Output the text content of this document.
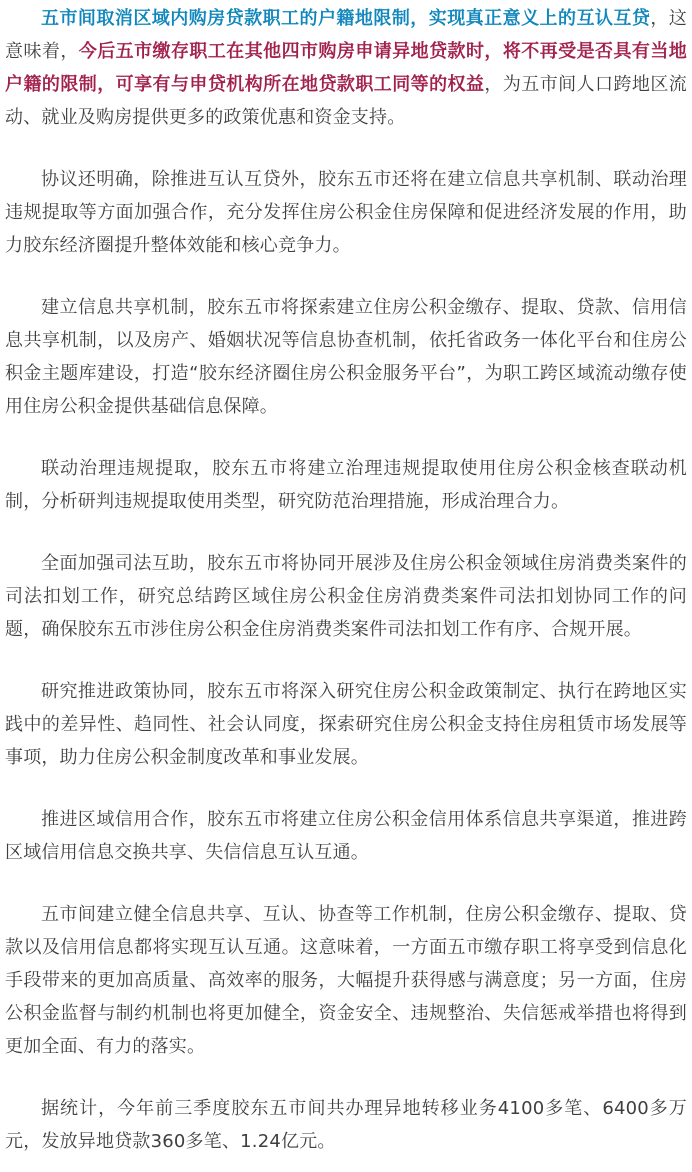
五市间取消区域内购房贷款职工的户籍地限制，实现真正意义上的互认互贷，这意味着，今后五市缴存职工在其他四市购房申请异地贷款时，将不再受是否具有当地户籍的限制，可享有与申贷机构所在地贷款职工同等的权益，为五市间人口跨地区流动、就业及购房提供更多的政策优惠和资金支持。

协议还明确，除推进互认互贷外，胶东五市还将在建立信息共享机制、联动治理违规提取等方面加强合作，充分发挥住房公积金住房保障和促进经济发展的作用，助力胶东经济圈提升整体效能和核心竞争力。

建立信息共享机制，胶东五市将探索建立住房公积金缴存、提取、贷款、信用信息共享机制，以及房产、婚姻状况等信息协查机制，依托省政务一体化平台和住房公积金主题库建设，打造“胶东经济圈住房公积金服务平台”，为职工跨区域流动缴存使用住房公积金提供基础信息保障。

联动治理违规提取，胶东五市将建立治理违规提取使用住房公积金核查联动机制，分析研判违规提取使用类型，研究防范治理措施，形成治理合力。

全面加强司法互助，胶东五市将协同开展涉及住房公积金领域住房消费类案件的司法扣划工作，研究总结跨区域住房公积金住房消费类案件司法扣划协同工作的问题，确保胶东五市涉住房公积金住房消费类案件司法扣划工作有序、合规开展。

研究推进政策协同，胶东五市将深入研究住房公积金政策制定、执行在跨地区实践中的差异性、趋同性、社会认同度，探索研究住房公积金支持住房租赁市场发展等事项，助力住房公积金制度改革和事业发展。

推进区域信用合作，胶东五市将建立住房公积金信用体系信息共享渠道，推进跨区域信用信息交换共享、失信信息互认互通。

五市间建立健全信息共享、互认、协查等工作机制，住房公积金缴存、提取、贷款以及信用信息都将实现互认互通。这意味着，一方面五市缴存职工将享受到信息化手段带来的更加高质量、高效率的服务，大幅提升获得感与满意度；另一方面，住房公积金监督与制约机制也将更加健全，资金安全、违规整治、失信惩戒举措也将得到更加全面、有力的落实。

据统计，今年前三季度胶东五市间共办理异地转移业务4100多笔、6400多万元，发放异地贷款360多笔、1.24亿元。
